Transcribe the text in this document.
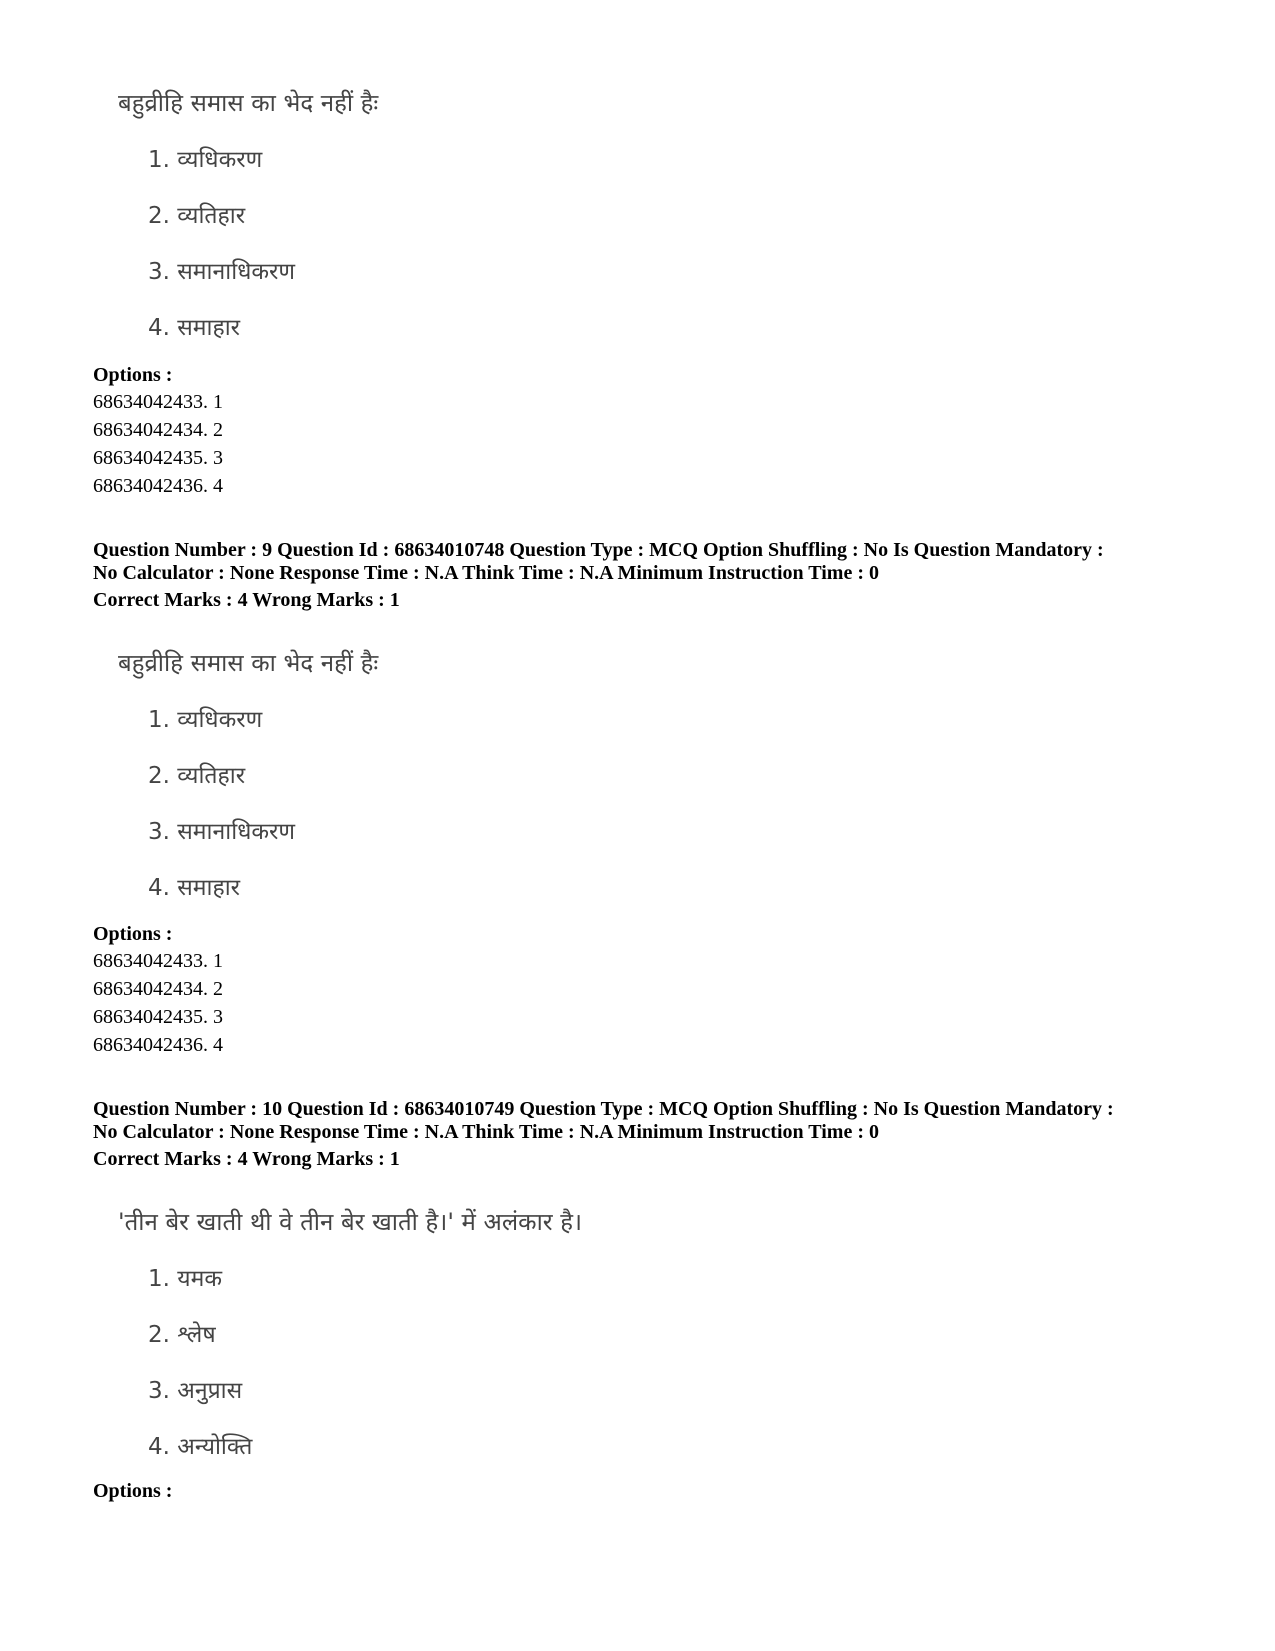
बहुव्रीहि समास का भेद नहीं हैः
1. व्यधिकरण
2. व्यतिहार
3. समानाधिकरण
4. समाहार
Options :
68634042433. 1
68634042434. 2
68634042435. 3
68634042436. 4
Question Number : 9 Question Id : 68634010748 Question Type : MCQ Option Shuffling : No Is Question Mandatory :
No Calculator : None Response Time : N.A Think Time : N.A Minimum Instruction Time : 0
Correct Marks : 4 Wrong Marks : 1
बहुव्रीहि समास का भेद नहीं हैः
1. व्यधिकरण
2. व्यतिहार
3. समानाधिकरण
4. समाहार
Options :
68634042433. 1
68634042434. 2
68634042435. 3
68634042436. 4
Question Number : 10 Question Id : 68634010749 Question Type : MCQ Option Shuffling : No Is Question Mandatory :
No Calculator : None Response Time : N.A Think Time : N.A Minimum Instruction Time : 0
Correct Marks : 4 Wrong Marks : 1
'तीन बेर खाती थी वे तीन बेर खाती है।' में अलंकार है।
1. यमक
2. श्लेष
3. अनुप्रास
4. अन्योक्ति
Options :
